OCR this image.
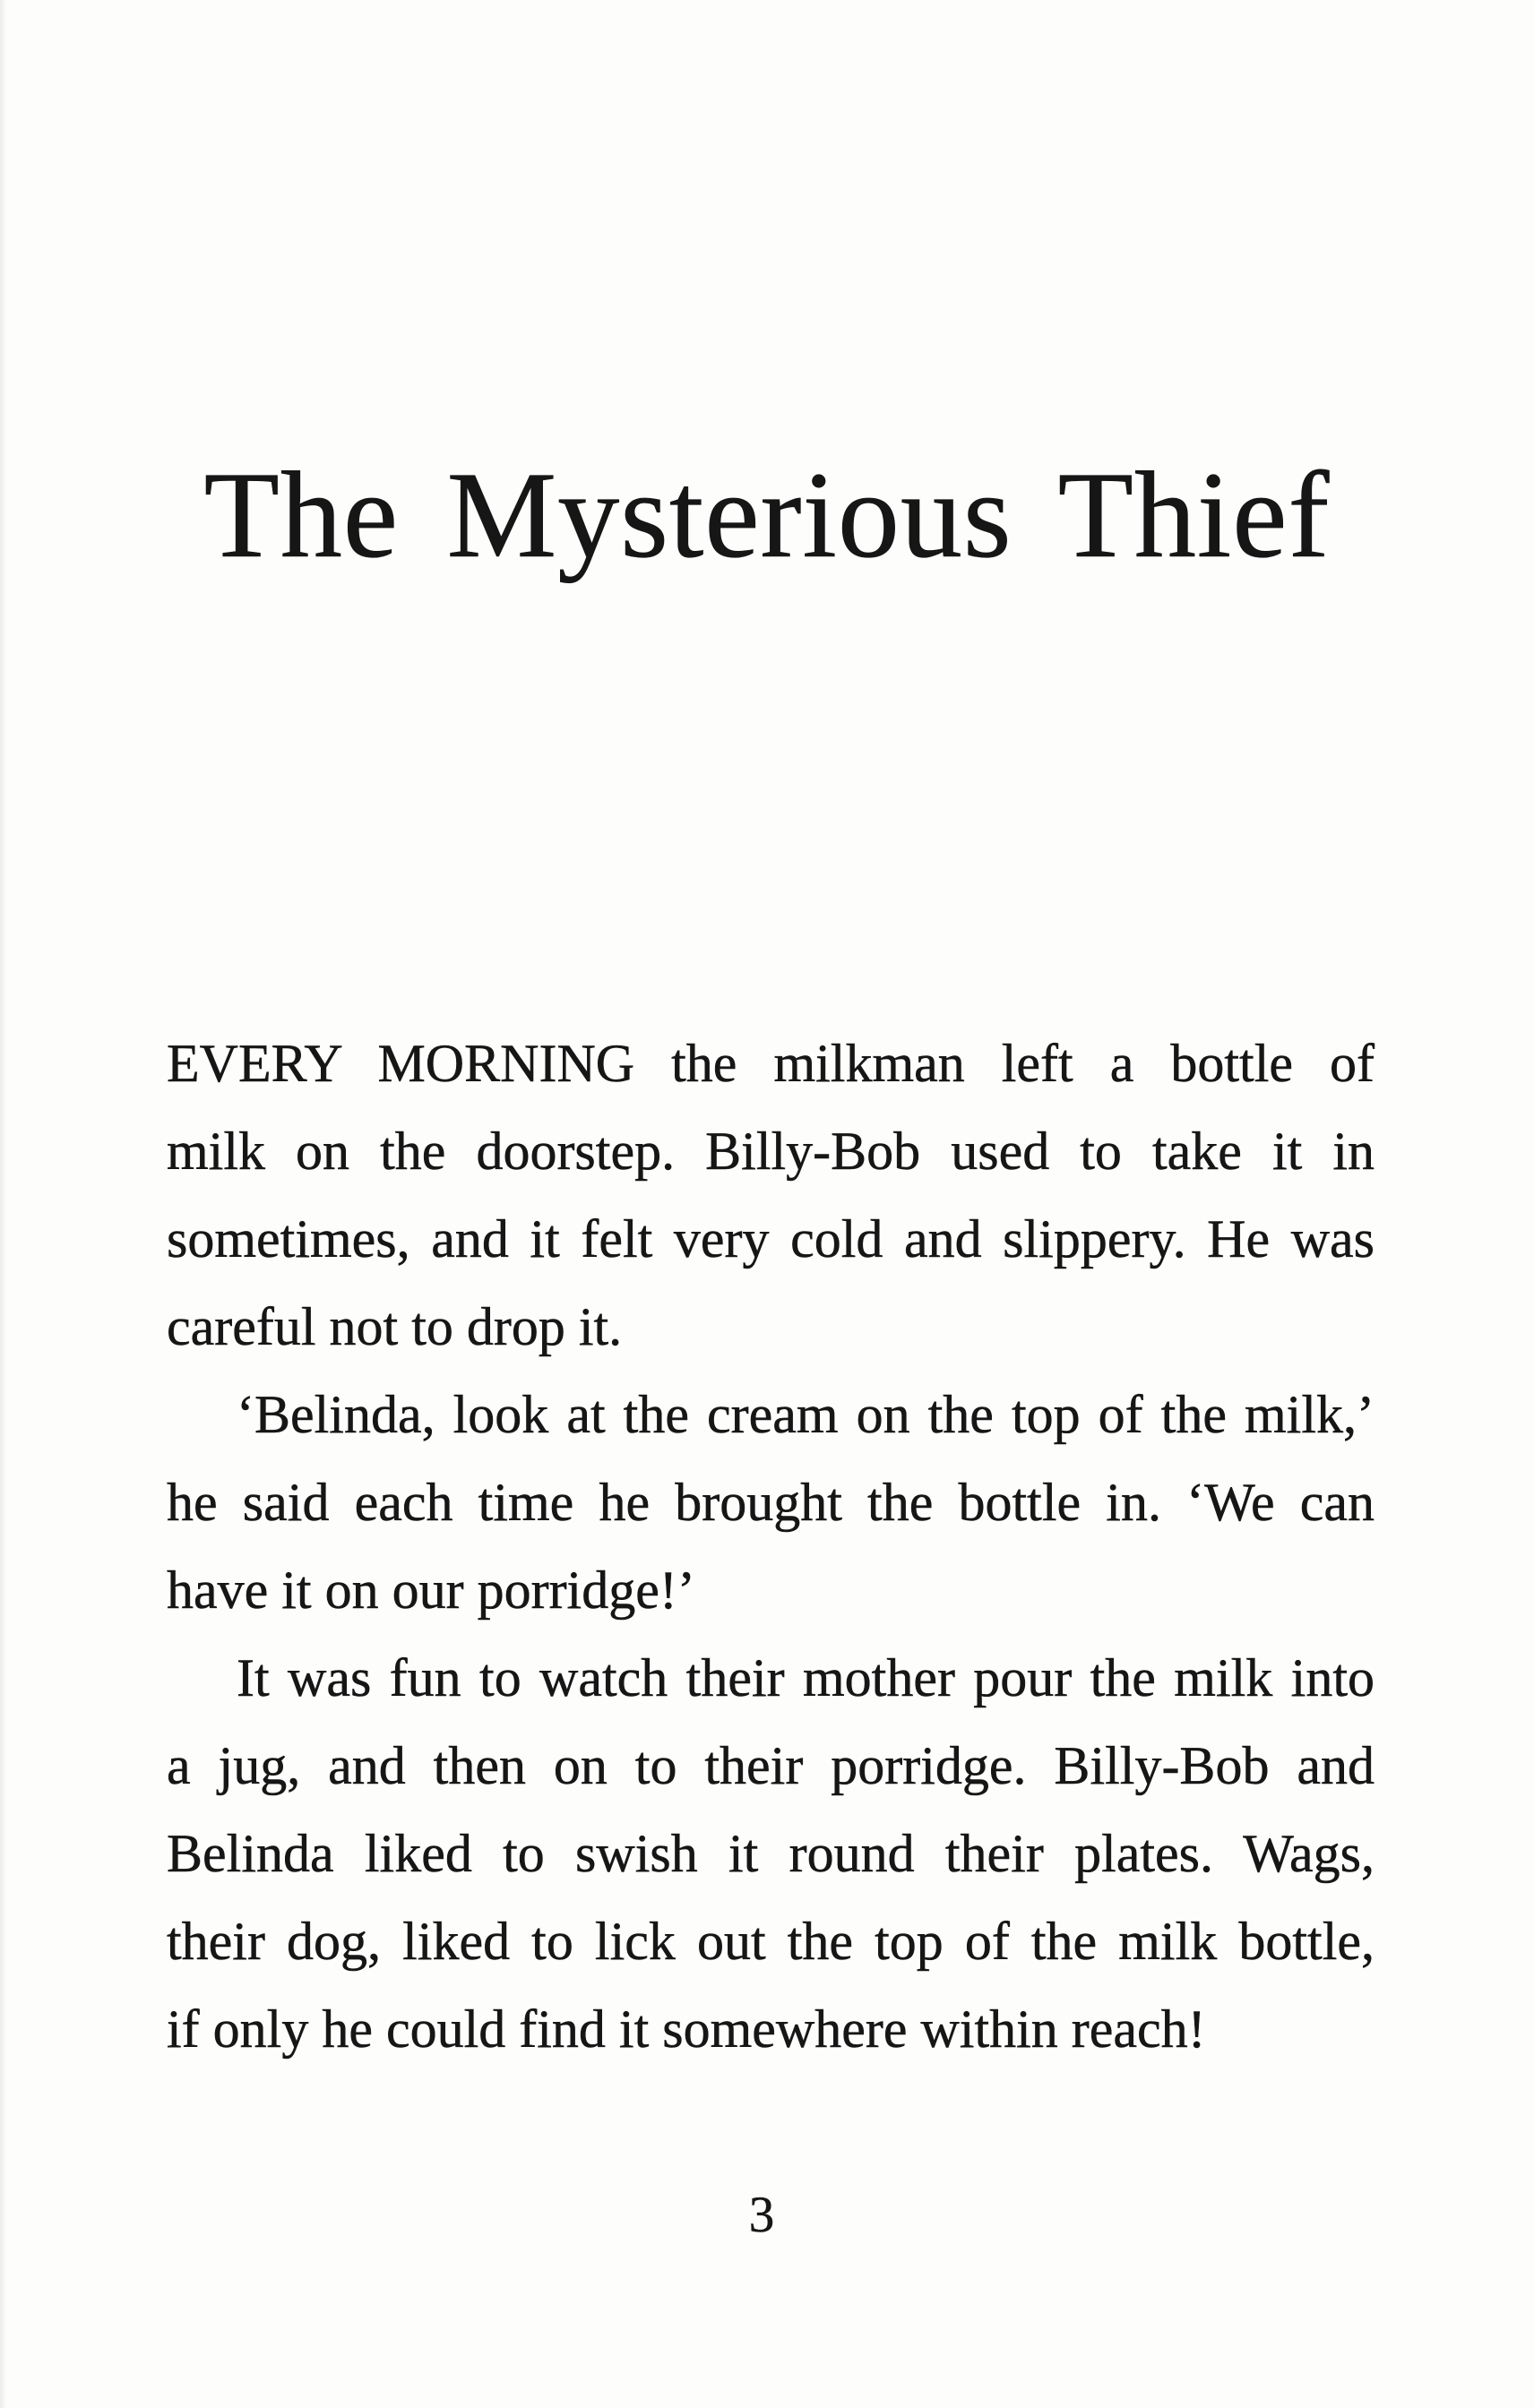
The Mysterious Thief
EVERY MORNING the milkman left a bottle of
milk on the doorstep. Billy-Bob used to take it in
sometimes, and it felt very cold and slippery. He was
careful not to drop it.
‘Belinda, look at the cream on the top of the milk,’
he said each time he brought the bottle in. ‘We can
have it on our porridge!’
It was fun to watch their mother pour the milk into
a jug, and then on to their porridge. Billy-Bob and
Belinda liked to swish it round their plates. Wags,
their dog, liked to lick out the top of the milk bottle,
if only he could find it somewhere within reach!
3
